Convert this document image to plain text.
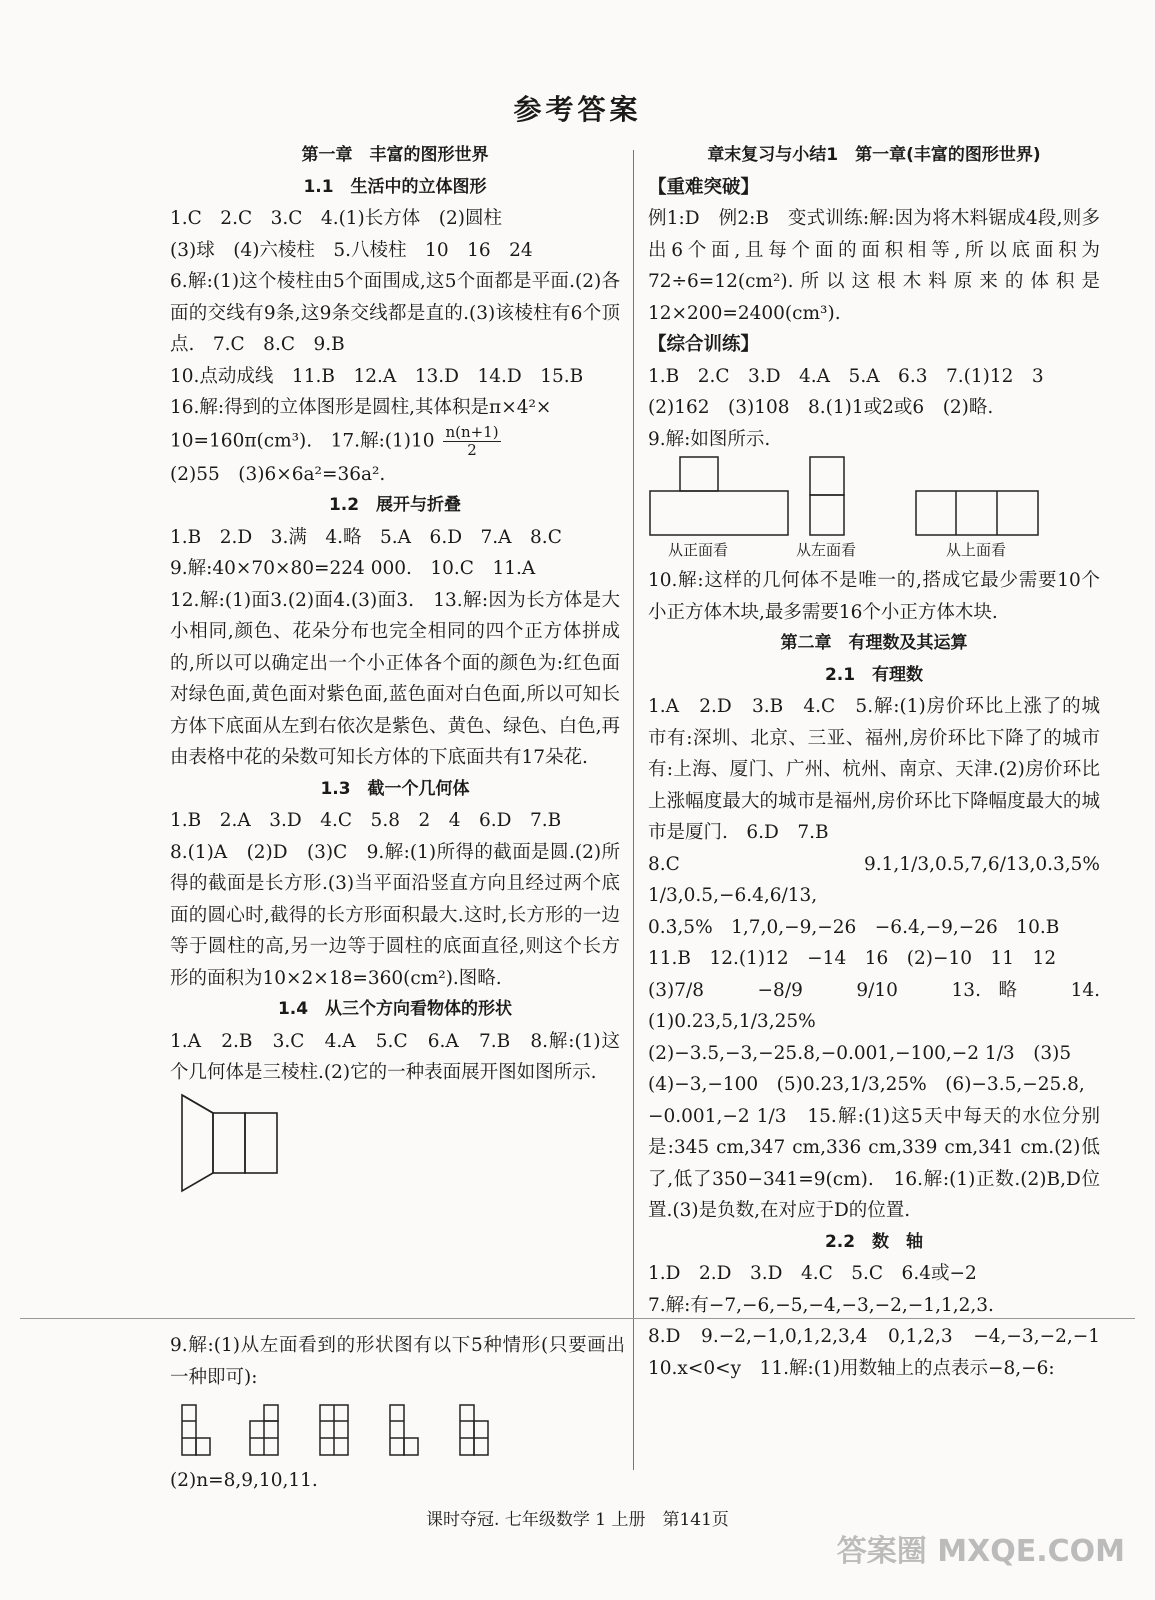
参考答案
第一章　丰富的图形世界
1.1　生活中的立体图形

1.C　2.C　3.C　4.(1)长方体　(2)圆柱

(3)球　(4)六棱柱　5.八棱柱　10　16　24

6.解:(1)这个棱柱由5个面围成,这5个面都是平面.(2)各面的交线有9条,这9条交线都是直的.(3)该棱柱有6个顶点.　7.C　8.C　9.B

10.点动成线　11.B　12.A　13.D　14.D　15.B

16.解:得到的立体图形是圆柱,其体积是π×4²×

10=160π(cm³).　17.解:(1)10 $\frac{n(n+1)}{2}$

(2)55　(3)6×6a²=36a².

1.2　展开与折叠

1.B　2.D　3.满　4.略　5.A　6.D　7.A　8.C

9.解:40×70×80=224 000.　10.C　11.A

12.解:(1)面3.(2)面4.(3)面3.　13.解:因为长方体是大小相同,颜色、花朵分布也完全相同的四个正方体拼成的,所以可以确定出一个小正体各个面的颜色为:红色面对绿色面,黄色面对紫色面,蓝色面对白色面,所以可知长方体下底面从左到右依次是紫色、黄色、绿色、白色,再由表格中花的朵数可知长方体的下底面共有17朵花.

1.3　截一个几何体

1.B　2.A　3.D　4.C　5.8　2　4　6.D　7.B

8.(1)A　(2)D　(3)C　9.解:(1)所得的截面是圆.(2)所得的截面是长方形.(3)当平面沿竖直方向且经过两个底面的圆心时,截得的长方形面积最大.这时,长方形的一边等于圆柱的高,另一边等于圆柱的底面直径,则这个长方形的面积为10×2×18=360(cm²).图略.

1.4　从三个方向看物体的形状

1.A　2.B　3.C　4.A　5.C　6.A　7.B　8.解:(1)这个几何体是三棱柱.(2)它的一种表面展开图如图所示.

9.解:(1)从左面看到的形状图有以下5种情形(只要画出一种即可):

(2)n=8,9,10,11.

章末复习与小结1　第一章(丰富的图形世界)
【重难突破】

例1:D　例2:B　变式训练:解:因为将木料锯成4段,则多出6个面,且每个面的面积相等,所以底面积为72÷6=12(cm²).所以这根木料原来的体积是12×200=2400(cm³).

【综合训练】

1.B　2.C　3.D　4.A　5.A　6.3　7.(1)12　3

(2)162　(3)108　8.(1)1或2或6　(2)略.

9.解:如图所示.

从正面看	从左面看	从上面看

10.解:这样的几何体不是唯一的,搭成它最少需要10个小正方体木块,最多需要16个小正方体木块.

第二章　有理数及其运算
2.1　有理数

1.A　2.D　3.B　4.C　5.解:(1)房价环比上涨了的城市有:深圳、北京、三亚、福州,房价环比下降了的城市有:上海、厦门、广州、杭州、南京、天津.(2)房价环比上涨幅度最大的城市是福州,房价环比下降幅度最大的城市是厦门.　6.D　7.B

8.C　9.1,1/3,0.5,7,6/13,0.3̇,5%　1/3,0.5,−6.4,6/13,

0.3̇,5%　1,7,0,−9,−26　−6.4,−9,−26　10.B

11.B　12.(1)12　−14　16　(2)−10　11　12

(3)7/8　−8/9　9/10　13.略　14.(1)0.23,5,1/3,25%

(2)−3.5,−3,−25.8,−0.001,−100,−2 1/3　(3)5

(4)−3,−100　(5)0.23,1/3,25%　(6)−3.5,−25.8,

−0.001,−2 1/3　15.解:(1)这5天中每天的水位分别是:345 cm,347 cm,336 cm,339 cm,341 cm.(2)低了,低了350−341=9(cm).　16.解:(1)正数.(2)B,D位置.(3)是负数,在对应于D的位置.

2.2　数　轴

1.D　2.D　3.D　4.C　5.C　6.4或−2

7.解:有−7,−6,−5,−4,−3,−2,−1,1,2,3.

8.D　9.−2,−1,0,1,2,3,4　0,1,2,3　−4,−3,−2,−1　10.x<0<y　11.解:(1)用数轴上的点表示−8,−6:

课时夺冠. 七年级数学 1 上册　第141页
答案圈 MXQE.COM
